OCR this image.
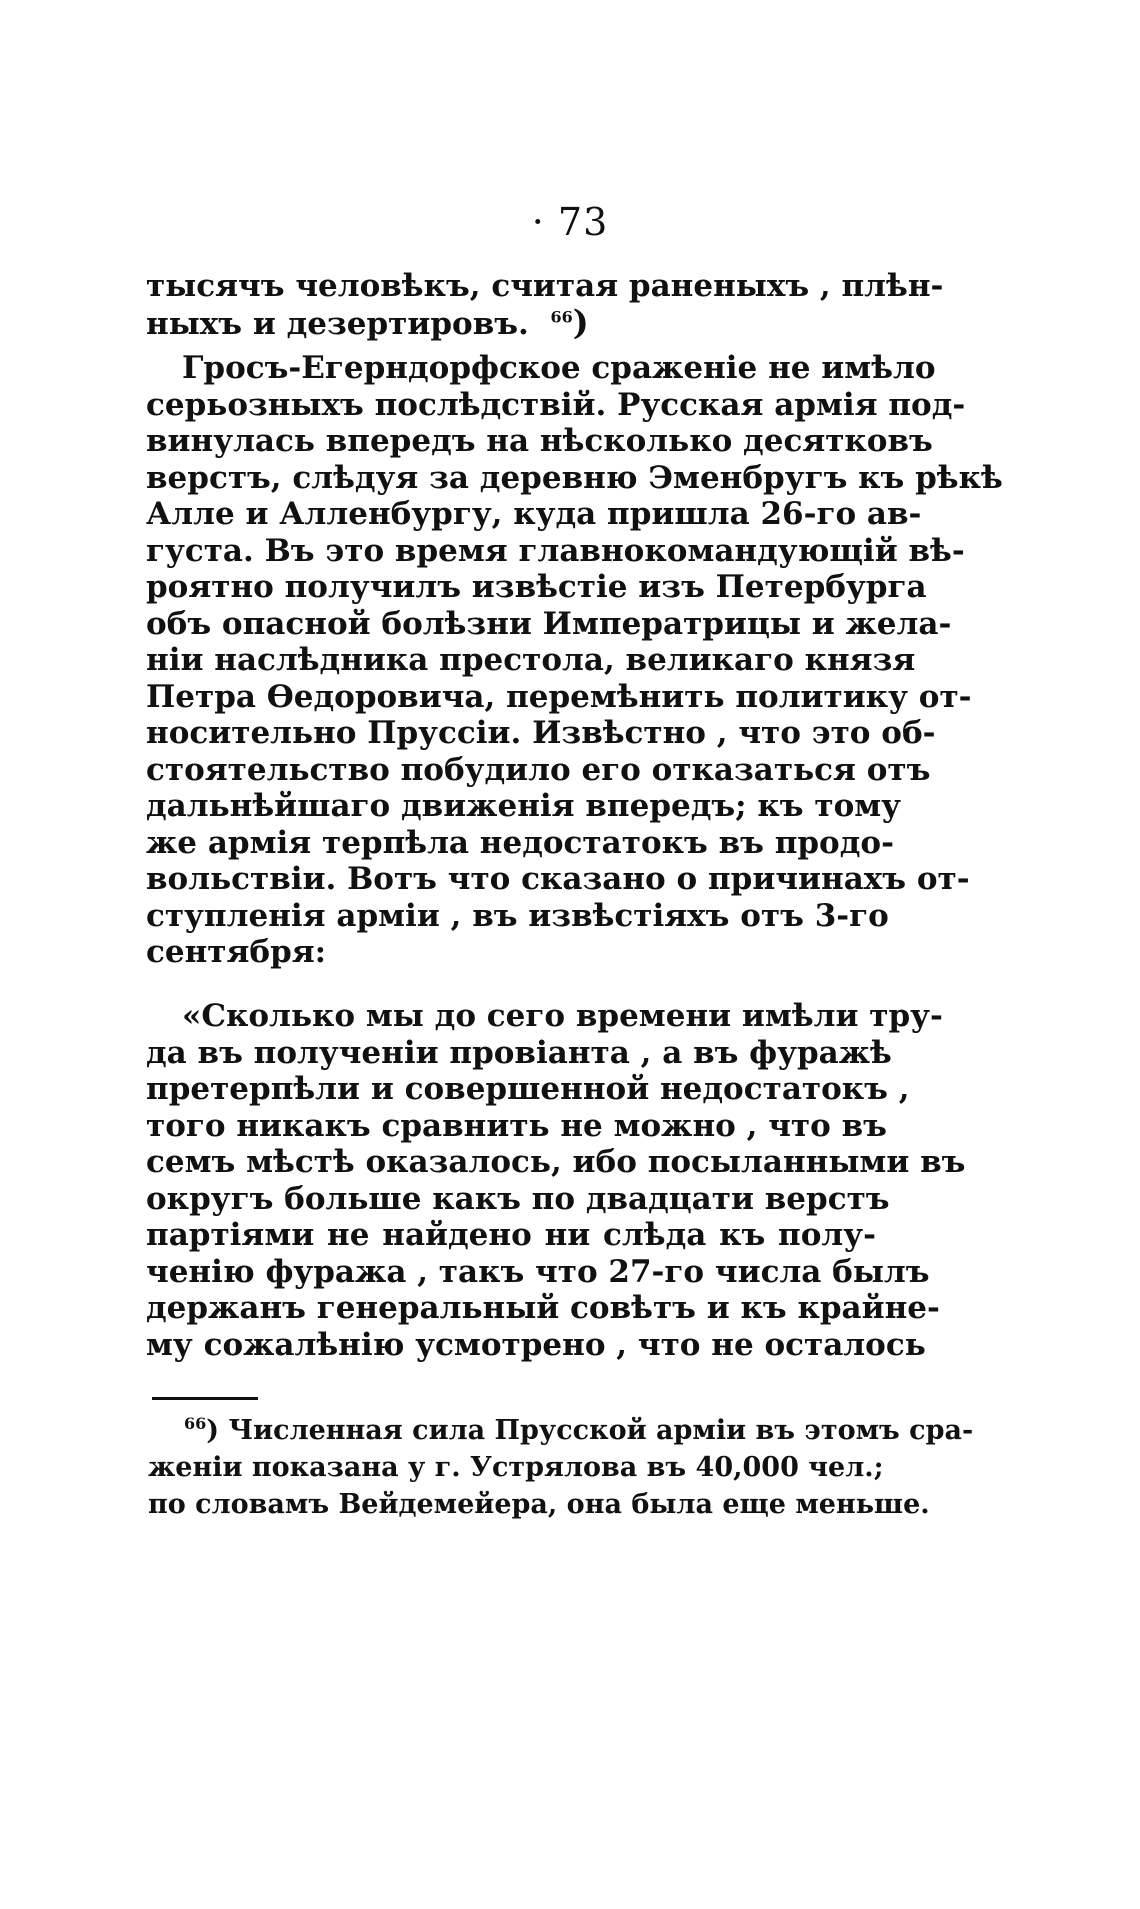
· 73
тысячъ человѣкъ, считая раненыхъ , плѣн-
ныхъ и дезертировъ. $^{66}$)
Гросъ-Егерндорфское сраженіе не имѣло
серьозныхъ послѣдствій. Русская армія под-
винулась впередъ на нѣсколько десятковъ
верстъ, слѣдуя за деревню Эменбругъ къ рѣкѣ
Алле и Алленбургу, куда пришла 26-го ав-
густа. Въ это время главнокомандующій вѣ-
роятно получилъ извѣстіе изъ Петербурга
объ опасной болѣзни Императрицы и желa-
ніи наслѣдника престола, великаго князя
Петра Ѳедоровича, перемѣнить политику от-
носительно Пруссіи. Извѣстно , что это об-
стоятельство побудило его отказаться отъ
дальнѣйшаго движенія впередъ; къ тому
же армія терпѣла недостатокъ въ продо-
вольствіи. Вотъ что сказано о причинахъ от-
ступленія арміи , въ извѣстіяхъ отъ 3-го
сентября:
«Сколько мы до сего времени имѣли тру-
да въ полученіи провіанта , а въ фуражѣ
претерпѣли и совершенной недостатокъ ,
того никакъ сравнить не можно , что въ
семъ мѣстѣ оказалось, ибо посыланными въ
округъ больше какъ по двадцати верстъ
партіями не найдено ни слѣда къ полу-
ченію фуража , такъ что 27-го числа былъ
держанъ генеральный совѣтъ и къ крайне-
му сожалѣнію усмотрено , что не осталось
$^{66}$) Численная сила Прусской арміи въ этомъ сра-
женіи показана у г. Устрялова въ 40,000 чел.;
по словамъ Вейдемейера, она была еще меньше.
